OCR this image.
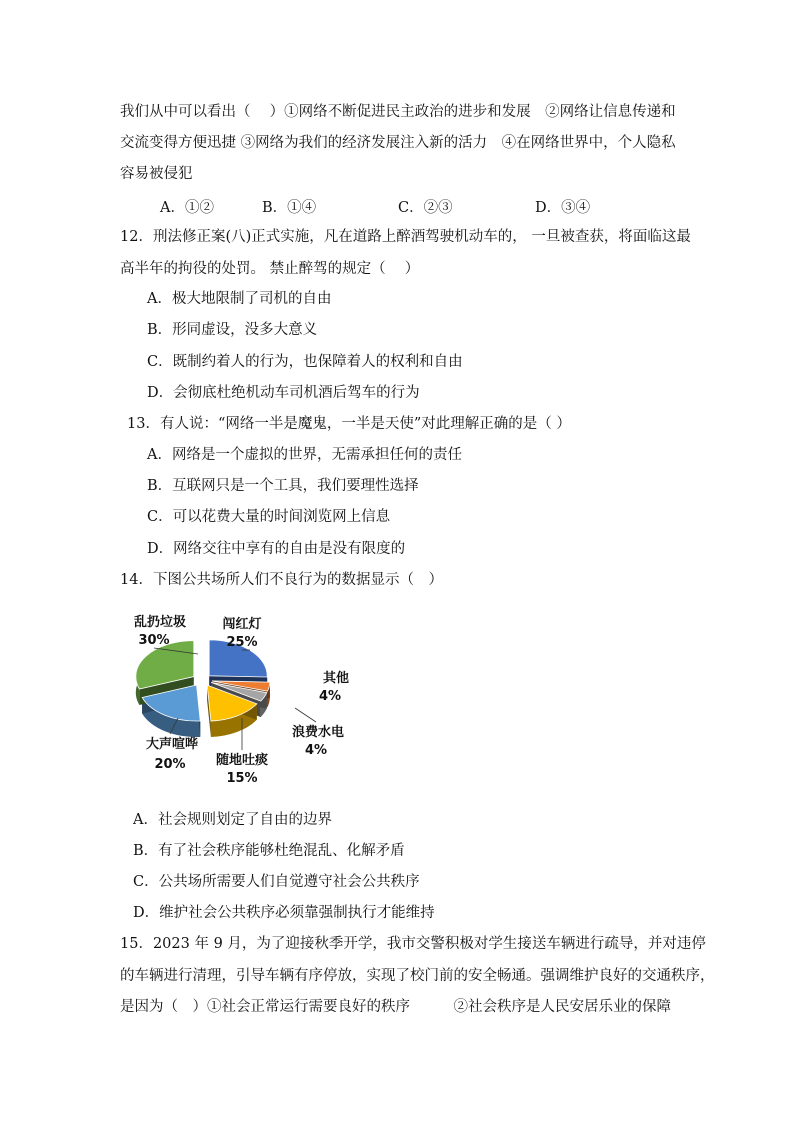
我们从中可以看出（　 ）①网络不断促进民主政治的进步和发展　②网络让信息传递和
交流变得方便迅捷 ③网络为我们的经济发展注入新的活力　④在网络世界中，个人隐私
容易被侵犯
A．①②	B．①④	C．②③	D．③④
12．刑法修正案(八)正式实施，凡在道路上醉酒驾驶机动车的， 一旦被查获，将面临这最
高半年的拘役的处罚。 禁止醉驾的规定（　 ）
A．极大地限制了司机的自由
B．形同虚设，没多大意义
C．既制约着人的行为，也保障着人的权利和自由
D．会彻底杜绝机动车司机酒后驾车的行为
13．有人说：“网络一半是魔鬼，一半是天使”对此理解正确的是（ ）
A．网络是一个虚拟的世界，无需承担任何的责任
B．互联网只是一个工具，我们要理性选择
C．可以花费大量的时间浏览网上信息
D．网络交往中享有的自由是没有限度的
14．下图公共场所人们不良行为的数据显示（　）
闯红灯
25%
其他
4%
浪费水电
4%
随地吐痰
15%
大声喧哗
20%
乱扔垃圾
30%
A．社会规则划定了自由的边界
B．有了社会秩序能够杜绝混乱、化解矛盾
C．公共场所需要人们自觉遵守社会公共秩序
D．维护社会公共秩序必须靠强制执行才能维持
15．2023 年 9 月，为了迎接秋季开学，我市交警积极对学生接送车辆进行疏导，并对违停
的车辆进行清理，引导车辆有序停放，实现了校门前的安全畅通。强调维护良好的交通秩序，
是因为（　）①社会正常运行需要良好的秩序　　　②社会秩序是人民安居乐业的保障
